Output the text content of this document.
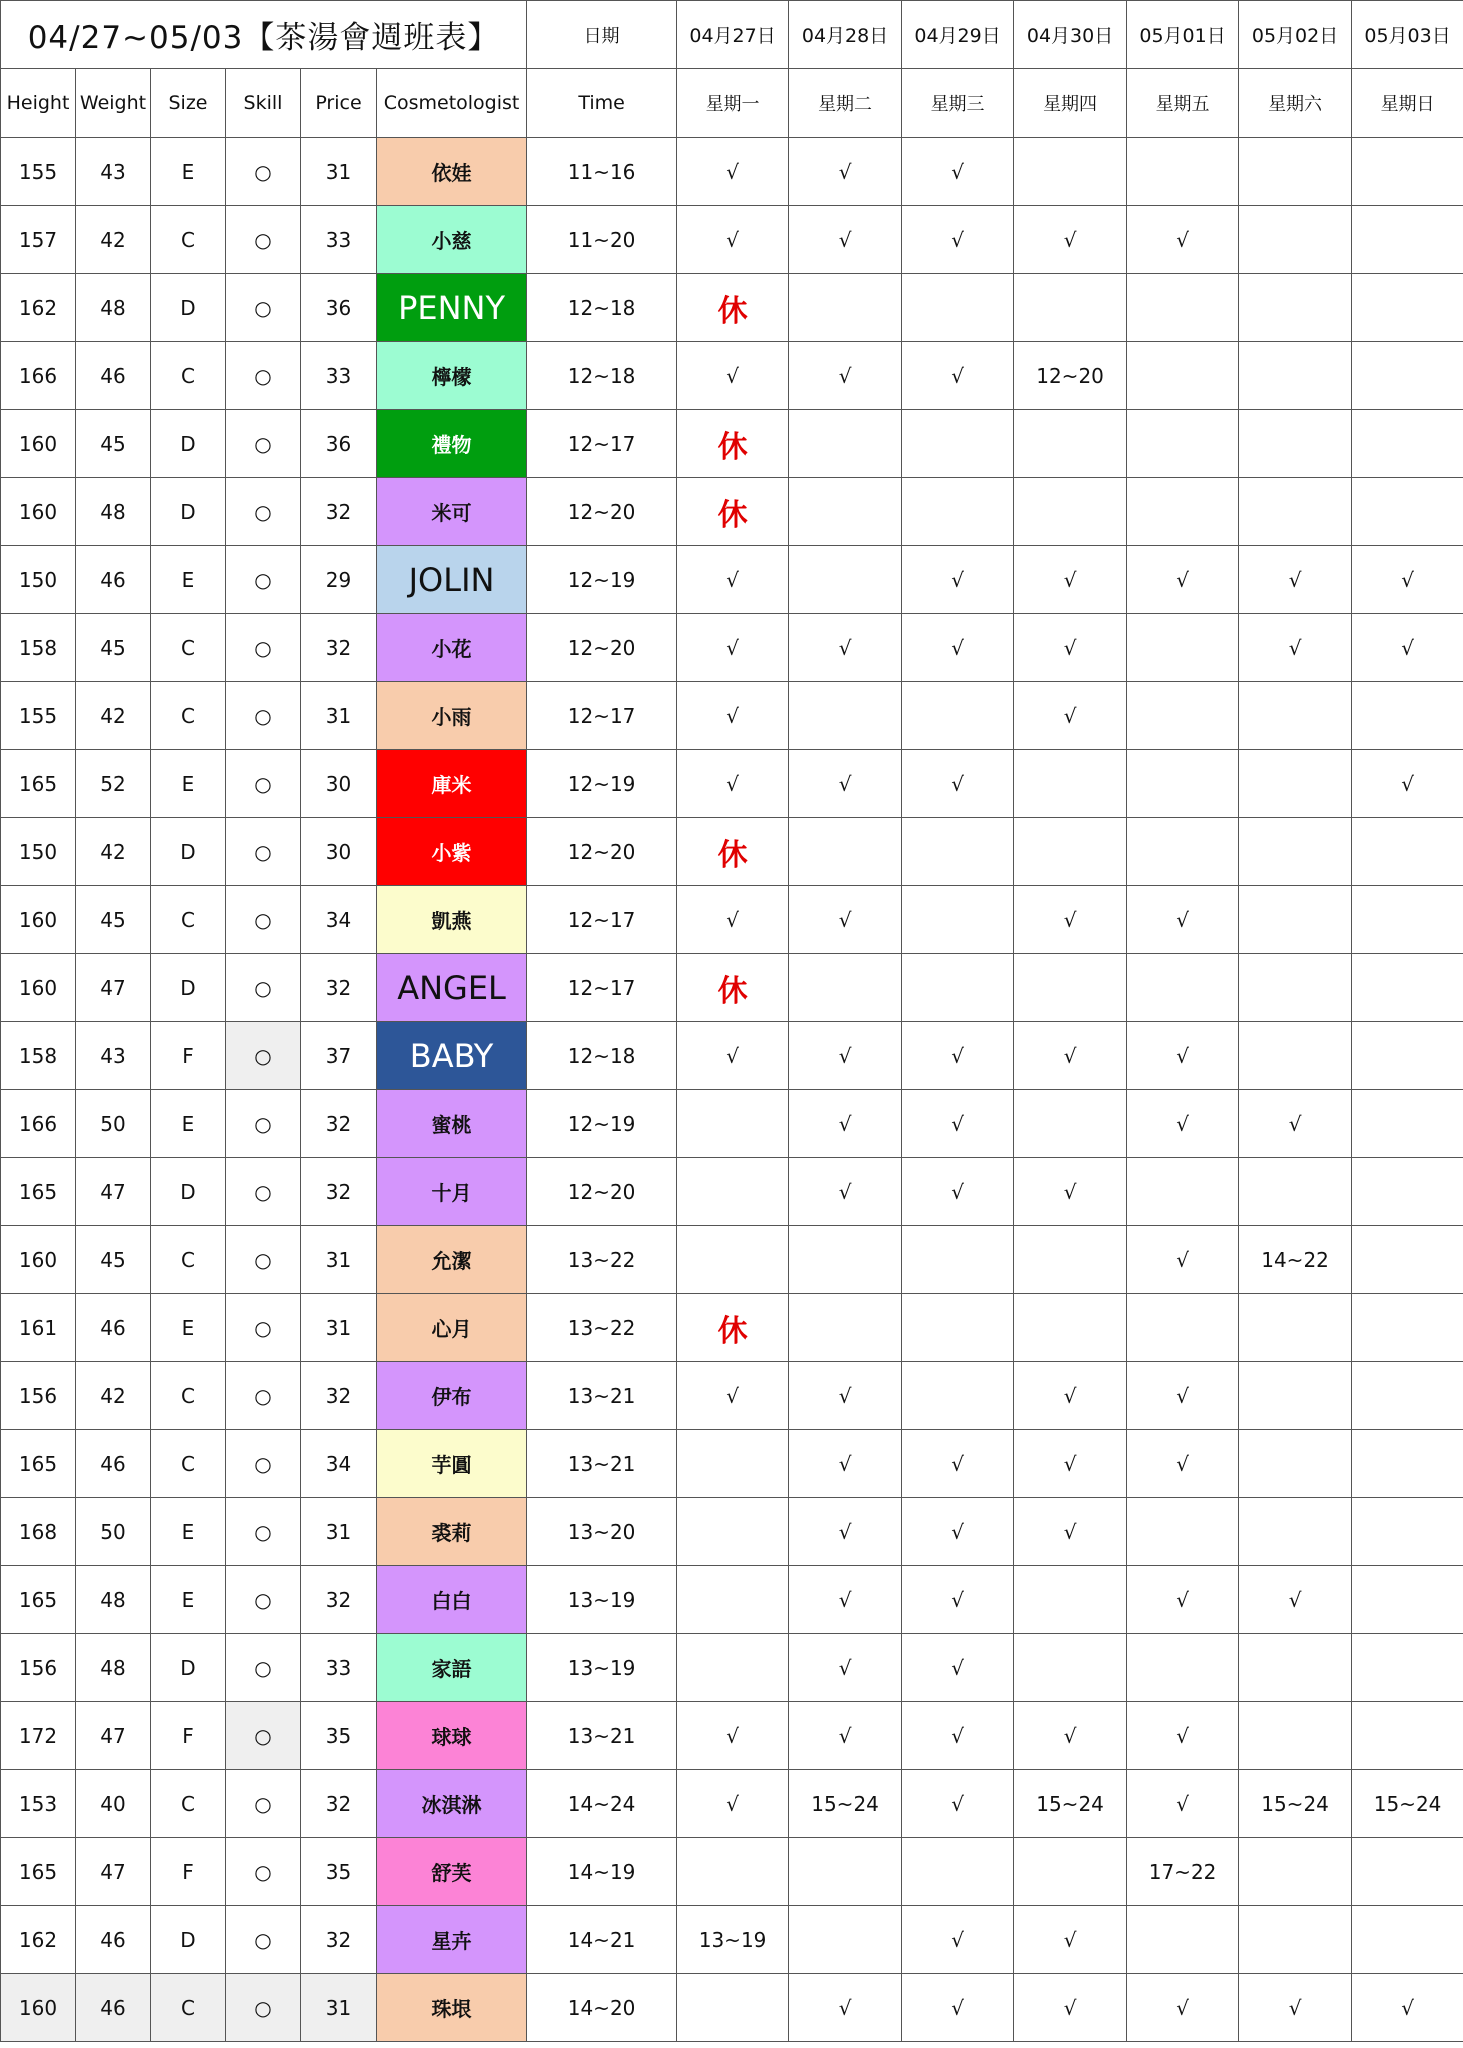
04/27~05/03【茶湯會週班表】						日期	04月27日	04月28日	04月29日	04月30日	05月01日	05月02日	05月03日
Height	Weight	Size	Skill	Price	Cosmetologist	Time	星期一	星期二	星期三	星期四	星期五	星期六	星期日
155	43	E	○	31	依娃	11~16	√	√	√				
157	42	C	○	33	小慈	11~20	√	√	√	√	√		
162	48	D	○	36	PENNY	12~18	休						
166	46	C	○	33	檸檬	12~18	√	√	√	12~20			
160	45	D	○	36	禮物	12~17	休						
160	48	D	○	32	米可	12~20	休						
150	46	E	○	29	JOLIN	12~19	√		√	√	√	√	√
158	45	C	○	32	小花	12~20	√	√	√	√		√	√
155	42	C	○	31	小雨	12~17	√			√			
165	52	E	○	30	庫米	12~19	√	√	√				√
150	42	D	○	30	小紫	12~20	休						
160	45	C	○	34	凱燕	12~17	√	√		√	√		
160	47	D	○	32	ANGEL	12~17	休						
158	43	F	○	37	BABY	12~18	√	√	√	√	√		
166	50	E	○	32	蜜桃	12~19		√	√		√	√	
165	47	D	○	32	十月	12~20		√	√	√			
160	45	C	○	31	允潔	13~22					√	14~22	
161	46	E	○	31	心月	13~22	休						
156	42	C	○	32	伊布	13~21	√	√		√	√		
165	46	C	○	34	芋圓	13~21		√	√	√	√		
168	50	E	○	31	裘莉	13~20		√	√	√			
165	48	E	○	32	白白	13~19		√	√		√	√	
156	48	D	○	33	家語	13~19		√	√				
172	47	F	○	35	球球	13~21	√	√	√	√	√		
153	40	C	○	32	冰淇淋	14~24	√	15~24	√	15~24	√	15~24	15~24
165	47	F	○	35	舒芙	14~19					17~22		
162	46	D	○	32	星卉	14~21	13~19		√	√			
160	46	C	○	31	珠垠	14~20		√	√	√	√	√	√
